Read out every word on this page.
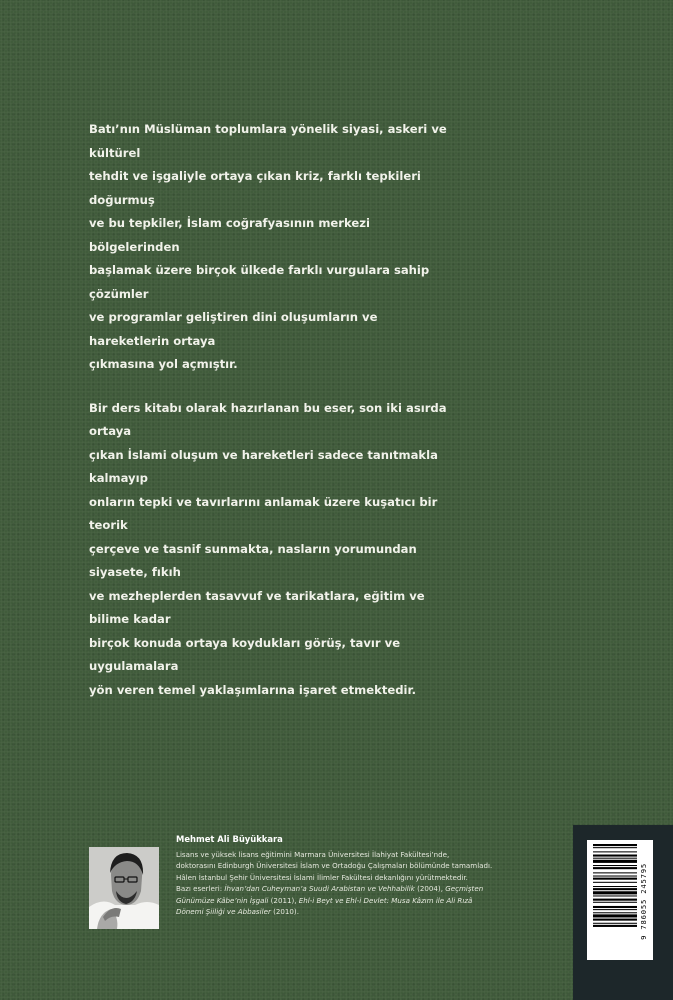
Batı’nın Müslüman toplumlara yönelik siyasi, askeri ve kültürel
tehdit ve işgaliyle ortaya çıkan kriz, farklı tepkileri doğurmuş
ve bu tepkiler, İslam coğrafyasının merkezi bölgelerinden
başlamak üzere birçok ülkede farklı vurgulara sahip çözümler
ve programlar geliştiren dini oluşumların ve hareketlerin ortaya
çıkmasına yol açmıştır.

Bir ders kitabı olarak hazırlanan bu eser, son iki asırda ortaya
çıkan İslami oluşum ve hareketleri sadece tanıtmakla kalmayıp
onların tepki ve tavırlarını anlamak üzere kuşatıcı bir teorik
çerçeve ve tasnif sunmakta, nasların yorumundan siyasete, fıkıh
ve mezheplerden tasavvuf ve tarikatlara, eğitim ve bilime kadar
birçok konuda ortaya koydukları görüş, tavır ve uygulamalara
yön veren temel yaklaşımlarına işaret etmektedir.

Mehmet Ali Büyükkara
Lisans ve yüksek lisans eğitimini Marmara Üniversitesi İlahiyat Fakültesi’nde,
doktorasını Edinburgh Üniversitesi İslam ve Ortadoğu Çalışmaları bölümünde tamamladı.
Hâlen İstanbul Şehir Üniversitesi İslami İlimler Fakültesi dekanlığını yürütmektedir.
Bazı eserleri: İhvan’dan Cuheyman’a Suudi Arabistan ve Vehhabilik (2004), Geçmişten
Günümüze Kâbe’nin İşgali (2011), Ehl-i Beyt ve Ehl-i Devlet: Musa Kâzım ile Ali Rızâ
Dönemi Şiiliği ve Abbasiler (2010).	9 786055 245795
